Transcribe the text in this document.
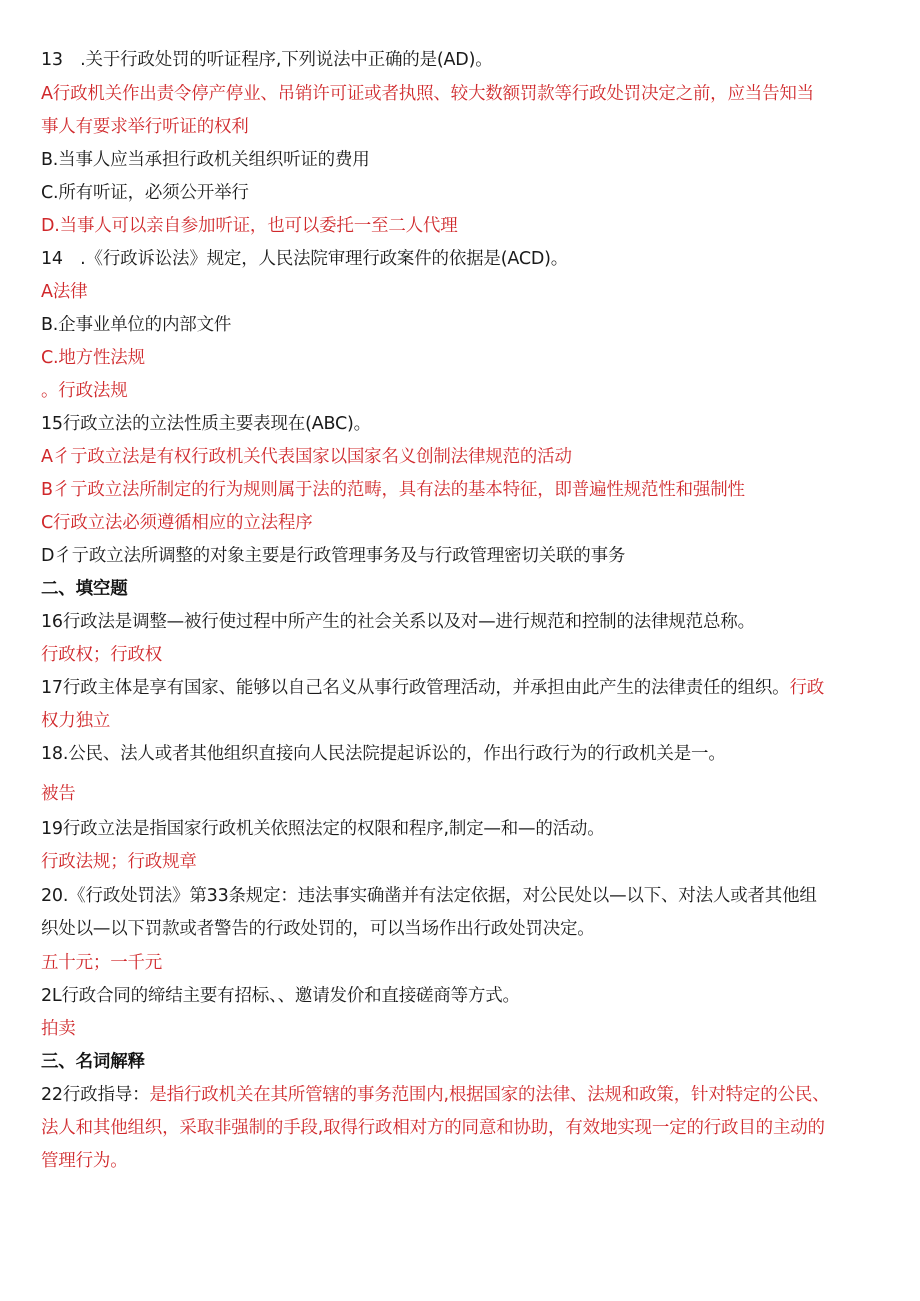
13　.关于行政处罚的听证程序,下列说法中正确的是(AD)。
A行政机关作出责令停产停业、吊销许可证或者执照、较大数额罚款等行政处罚决定之前，应当告知当
事人有要求举行听证的权利
B.当事人应当承担行政机关组织听证的费用
C.所有听证，必须公开举行
D.当事人可以亲自参加听证，也可以委托一至二人代理
14　.《行政诉讼法》规定，人民法院审理行政案件的依据是(ACD)。
A法律
B.企事业单位的内部文件
C.地方性法规
。行政法规
15行政立法的立法性质主要表现在(ABC)。
A彳亍政立法是有权行政机关代表国家以国家名义创制法律规范的活动
B彳亍政立法所制定的行为规则属于法的范畴，具有法的基本特征，即普遍性规范性和强制性
C行政立法必须遵循相应的立法程序
D彳亍政立法所调整的对象主要是行政管理事务及与行政管理密切关联的事务
二、填空题
16行政法是调整—被行使过程中所产生的社会关系以及对—进行规范和控制的法律规范总称。
行政权；行政权
17行政主体是享有国家、能够以自己名义从事行政管理活动，并承担由此产生的法律责任的组织。行政
权力独立
18.公民、法人或者其他组织直接向人民法院提起诉讼的，作出行政行为的行政机关是一。
被告
19行政立法是指国家行政机关依照法定的权限和程序,制定—和—的活动。
行政法规；行政规章
20.《行政处罚法》第33条规定：违法事实确凿并有法定依据，对公民处以—以下、对法人或者其他组
织处以—以下罚款或者警告的行政处罚的，可以当场作出行政处罚决定。
五十元；一千元
2L行政合同的缔结主要有招标、、邀请发价和直接磋商等方式。
拍卖
三、名词解释
22行政指导：是指行政机关在其所管辖的事务范围内,根据国家的法律、法规和政策，针对特定的公民、
法人和其他组织，采取非强制的手段,取得行政相对方的同意和协助，有效地实现一定的行政目的主动的
管理行为。
